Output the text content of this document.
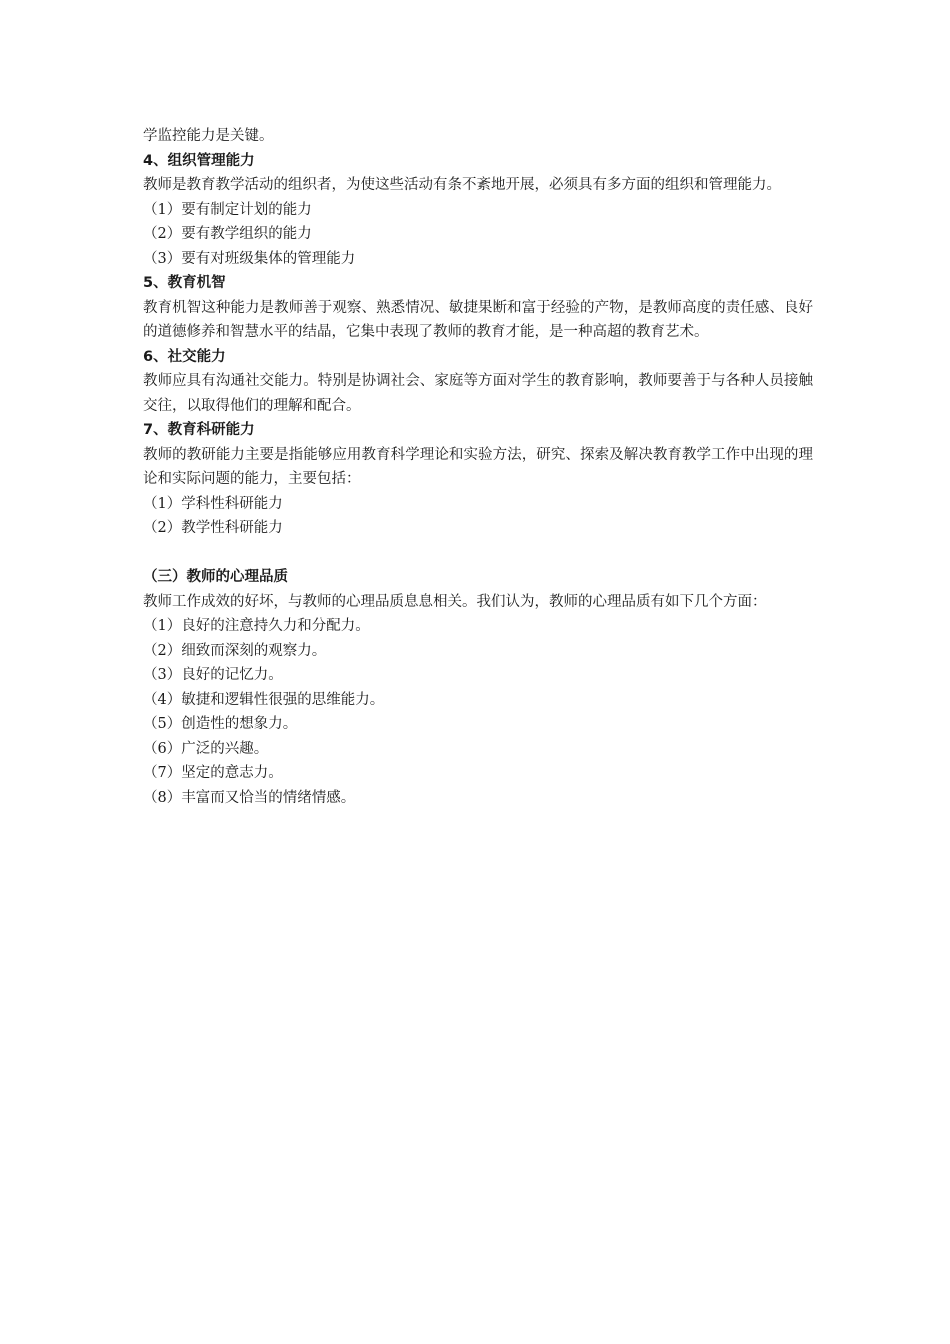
学监控能力是关键。

4、组织管理能力

教师是教育教学活动的组织者，为使这些活动有条不紊地开展，必须具有多方面的组织和管理能力。

（1）要有制定计划的能力

（2）要有教学组织的能力

（3）要有对班级集体的管理能力

5、教育机智

教育机智这种能力是教师善于观察、熟悉情况、敏捷果断和富于经验的产物，是教师高度的责任感、良好的道德修养和智慧水平的结晶，它集中表现了教师的教育才能，是一种高超的教育艺术。

6、社交能力

教师应具有沟通社交能力。特别是协调社会、家庭等方面对学生的教育影响，教师要善于与各种人员接触交往，以取得他们的理解和配合。

7、教育科研能力

教师的教研能力主要是指能够应用教育科学理论和实验方法，研究、探索及解决教育教学工作中出现的理论和实际问题的能力，主要包括：

（1）学科性科研能力

（2）教学性科研能力

（三）教师的心理品质

教师工作成效的好坏，与教师的心理品质息息相关。我们认为，教师的心理品质有如下几个方面：

（1）良好的注意持久力和分配力。

（2）细致而深刻的观察力。

（3）良好的记忆力。

（4）敏捷和逻辑性很强的思维能力。

（5）创造性的想象力。

（6）广泛的兴趣。

（7）坚定的意志力。

（8）丰富而又恰当的情绪情感。
